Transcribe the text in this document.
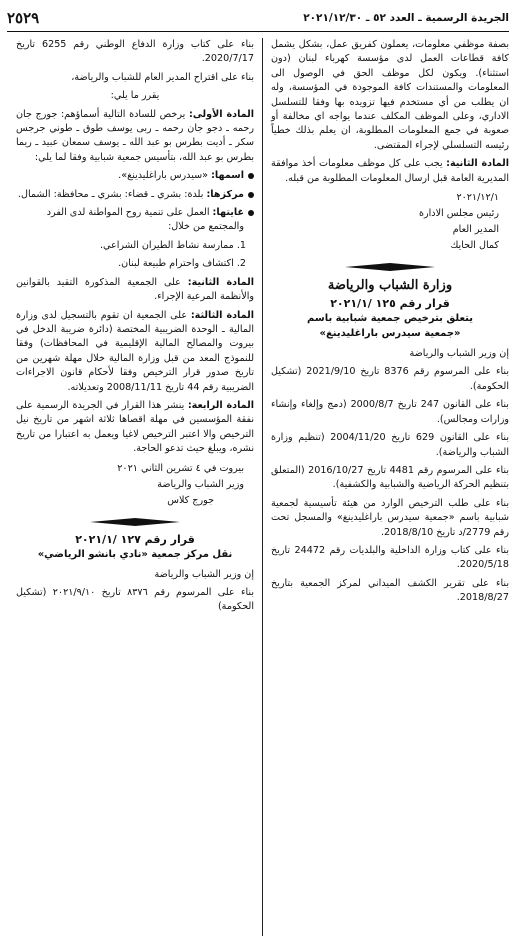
الجريدة الرسمية ـ العدد ٥٢ ـ ٢٠٢١/١٢/٣٠
٢٥٢٩

بصفة موظفي معلومات، يعملون كفريق عمل، بشكل يشمل كافة قطاعات العمل لدى مؤسسة كهرباء لبنان (دون استثناء). ويكون لكل موظف الحق في الوصول الى المعلومات والمستندات كافة الموجودة في المؤسسة، وله ان يطلب من أي مستخدم فيها تزويده بها وفقا للتسلسل الاداري، وعلى الموظف المكلف عندما يواجه اي مخالفة أو صعوبة في جمع المعلومات المطلوبة، ان يعلم بذلك خطياً رئيسه التسلسلي لإجراء المقتضى.

المادة الثانية: يجب على كل موظف معلومات أخذ موافقة المديرية العامة قبل ارسال المعلومات المطلوبة من قبله.

٢٠٢١/١٢/١
رئيس مجلس الادارة
المدير العام
كمال الحايك
وزارة الشباب والرياضة
قرار رقم ١٢٥ /٢٠٢١/١
يتعلق بترخيص جمعية شبابية باسم
«جمعية سيدرس باراغليدينغ»

إن وزير الشباب والرياضة

بناء على المرسوم رقم 8376 تاريخ 2021/9/10 (تشكيل الحكومة).

بناء على القانون 247 تاريخ 2000/8/7 (دمج وإلغاء وإنشاء وزارات ومجالس).

بناء على القانون 629 تاريخ 2004/11/20 (تنظيم وزارة الشباب والرياضة).

بناء على المرسوم رقم 4481 تاريخ 2016/10/27 (المتعلق بتنظيم الحركة الرياضية والشبابية والكشفية).

بناء على طلب الترخيص الوارد من هيئة تأسيسية لجمعية شبابية باسم «جمعية سيدرس باراغليدينغ» والمسجل تحت رقم 2779/د تاريخ 2018/8/10.

بناء على كتاب وزارة الداخلية والبلديات رقم 24472 تاريخ 2020/5/18.

بناء على تقرير الكشف الميداني لمركز الجمعية بتاريخ 2018/8/27.

بناء على كتاب وزارة الدفاع الوطني رقم 6255 تاريخ 2020/7/17.

بناء على اقتراح المدير العام للشباب والرياضة،

يقرر ما يلي:

المادة الأولى: يرخص للسادة التالية أسماؤهم: جورج جان رحمه ـ دجو جان رحمه ـ ربى يوسف طوق ـ طوني جرجس سكر ـ أديت بطرس بو عبد الله ـ يوسف سمعان عبيد ـ ريما بطرس بو عبد الله، بتأسيس جمعية شبابية وفقا لما يلي:

اسمها: «سيدرس باراغليدينغ».
مركزها: بلدة: بشري ـ قضاء: بشري ـ محافظة: الشمال.
غايتها: العمل على تنمية روح المواطنة لدى الفرد والمجتمع من خلال:
1. ممارسة نشاط الطيران الشراعي.
2. اكتشاف واحترام طبيعة لبنان.

المادة الثانية: على الجمعية المذكورة التقيد بالقوانين والأنظمة المرعية الإجراء.

المادة الثالثة: على الجمعية ان تقوم بالتسجيل لدى وزارة المالية ـ الوحدة الضريبية المختصة (دائرة ضريبة الدخل في بيروت والمصالح المالية الإقليمية في المحافظات) وفقا للنموذج المعد من قبل وزارة المالية خلال مهلة شهرين من تاريخ صدور قرار الترخيص وفقا لأحكام قانون الاجراءات الضريبية رقم 44 تاريخ 2008/11/11 وتعديلاته.

المادة الرابعة: ينشر هذا القرار في الجريدة الرسمية على نفقة المؤسسين في مهلة اقصاها ثلاثة اشهر من تاريخ نيل الترخيص والا اعتبر الترخيص لاغيا ويعمل به اعتبارا من تاريخ نشره، ويبلغ حيث تدعو الحاجة.

بيروت في ٤ تشرين الثاني ٢٠٢١
وزير الشباب والرياضة
جورج كلاس
قرار رقم ١٢٧ /٢٠٢١/١
نقل مركز جمعية «نادي بانشو الرياضي»

إن وزير الشباب والرياضة

بناء على المرسوم رقم ٨٣٧٦ تاريخ ٢٠٢١/٩/١٠ (تشكيل الحكومة)
